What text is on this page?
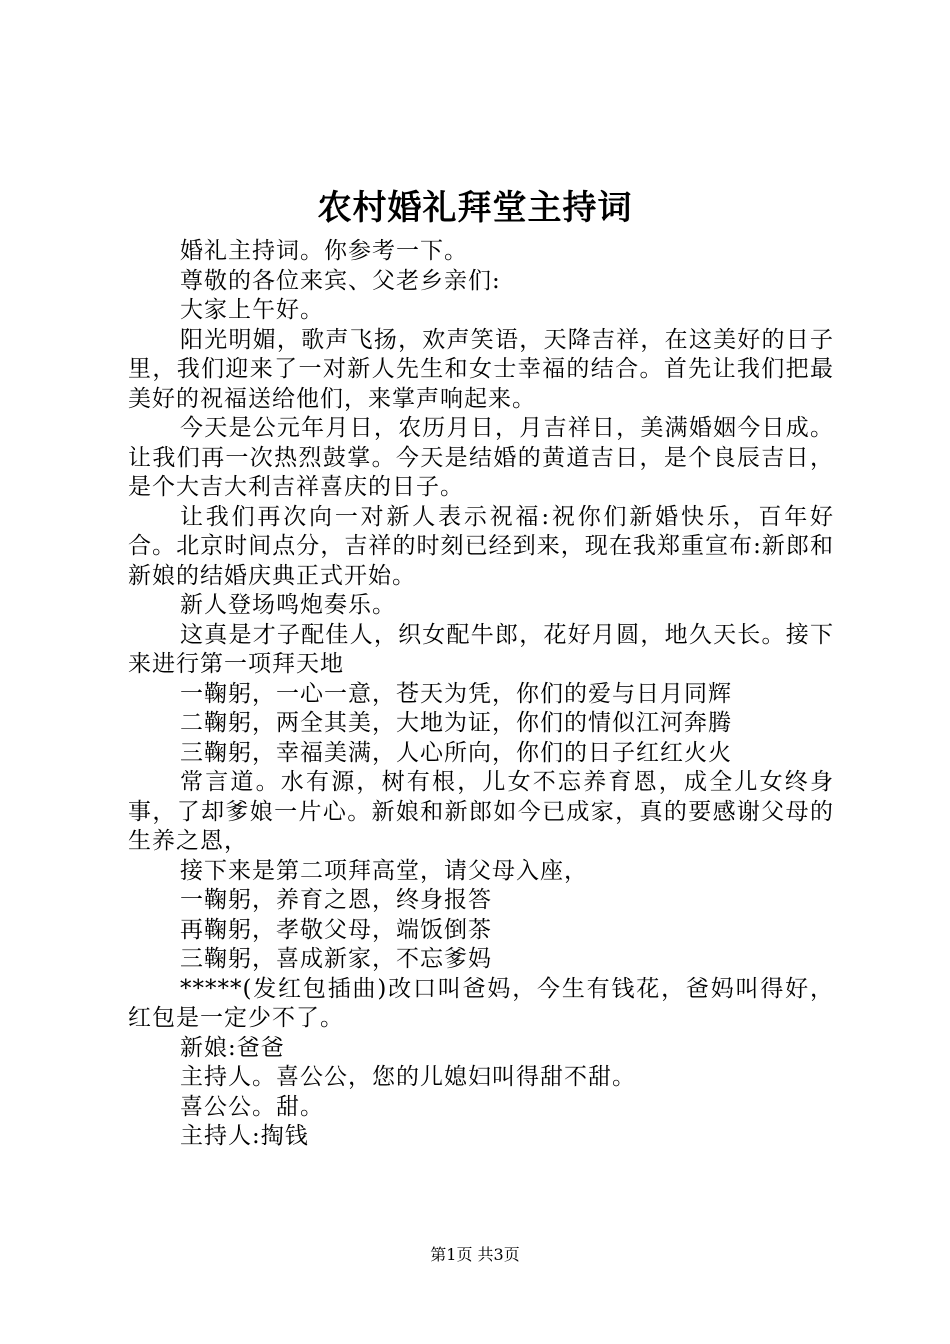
农村婚礼拜堂主持词

婚礼主持词。你参考一下。

尊敬的各位来宾、父老乡亲们:

大家上午好。

阳光明媚，歌声飞扬，欢声笑语，天降吉祥，在这美好的日子里，我们迎来了一对新人先生和女士幸福的结合。首先让我们把最美好的祝福送给他们，来掌声响起来。

今天是公元年月日，农历月日，月吉祥日，美满婚姻今日成。让我们再一次热烈鼓掌。今天是结婚的黄道吉日，是个良辰吉日，是个大吉大利吉祥喜庆的日子。

让我们再次向一对新人表示祝福:祝你们新婚快乐，百年好合。北京时间点分，吉祥的时刻已经到来，现在我郑重宣布:新郎和新娘的结婚庆典正式开始。

新人登场鸣炮奏乐。

这真是才子配佳人，织女配牛郎，花好月圆，地久天长。接下来进行第一项拜天地

一鞠躬，一心一意，苍天为凭，你们的爱与日月同辉

二鞠躬，两全其美，大地为证，你们的情似江河奔腾

三鞠躬，幸福美满，人心所向，你们的日子红红火火

常言道。水有源，树有根，儿女不忘养育恩，成全儿女终身事，了却爹娘一片心。新娘和新郎如今已成家，真的要感谢父母的生养之恩，

接下来是第二项拜高堂，请父母入座，

一鞠躬，养育之恩，终身报答

再鞠躬，孝敬父母，端饭倒茶

三鞠躬，喜成新家，不忘爹妈

*****(发红包插曲)改口叫爸妈，今生有钱花，爸妈叫得好，红包是一定少不了。

新娘:爸爸

主持人。喜公公，您的儿媳妇叫得甜不甜。

喜公公。甜。

主持人:掏钱

第1页 共3页
